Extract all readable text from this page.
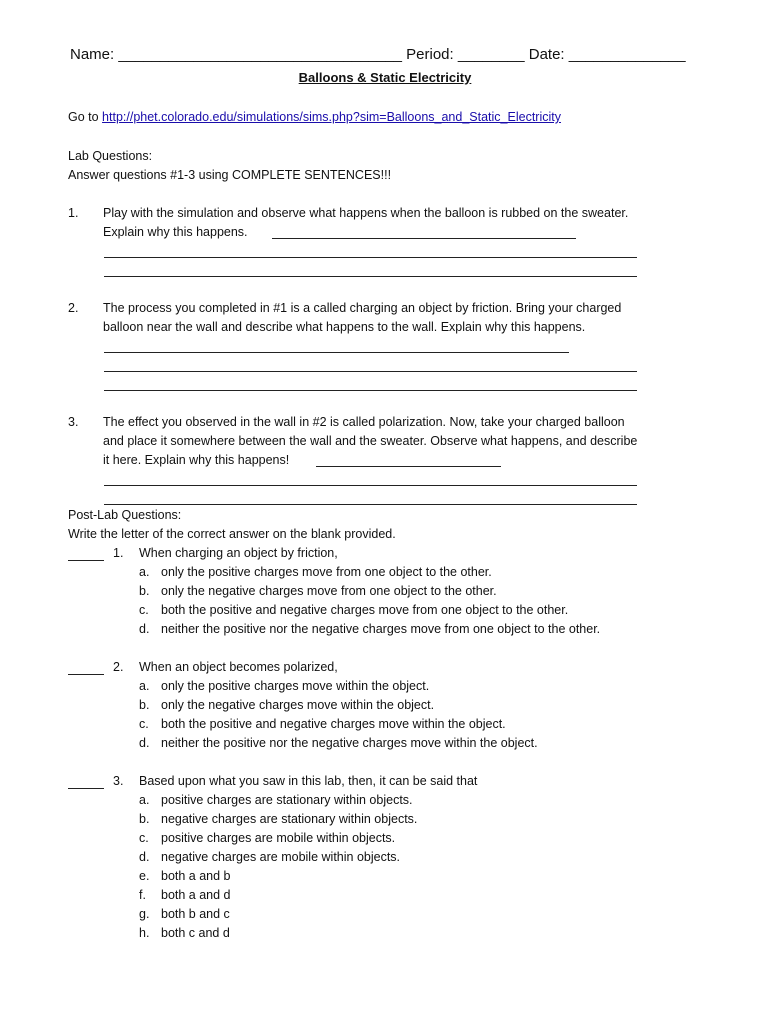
Name: __________________________________ Period: ________ Date: ______________
Balloons & Static Electricity
Go to http://phet.colorado.edu/simulations/sims.php?sim=Balloons_and_Static_Electricity
Lab Questions:
Answer questions #1-3 using COMPLETE SENTENCES!!!
1. Play with the simulation and observe what happens when the balloon is rubbed on the sweater.
Explain why this happens.
2. The process you completed in #1 is a called charging an object by friction. Bring your charged
balloon near the wall and describe what happens to the wall. Explain why this happens.
3. The effect you observed in the wall in #2 is called polarization. Now, take your charged balloon
and place it somewhere between the wall and the sweater. Observe what happens, and describe
it here. Explain why this happens!
Post-Lab Questions:
Write the letter of the correct answer on the blank provided.
1. When charging an object by friction,
a. only the positive charges move from one object to the other.
b. only the negative charges move from one object to the other.
c. both the positive and negative charges move from one object to the other.
d. neither the positive nor the negative charges move from one object to the other.
2. When an object becomes polarized,
a. only the positive charges move within the object.
b. only the negative charges move within the object.
c. both the positive and negative charges move within the object.
d. neither the positive nor the negative charges move within the object.
3. Based upon what you saw in this lab, then, it can be said that
a. positive charges are stationary within objects.
b. negative charges are stationary within objects.
c. positive charges are mobile within objects.
d. negative charges are mobile within objects.
e. both a and b
f. both a and d
g. both b and c
h. both c and d
